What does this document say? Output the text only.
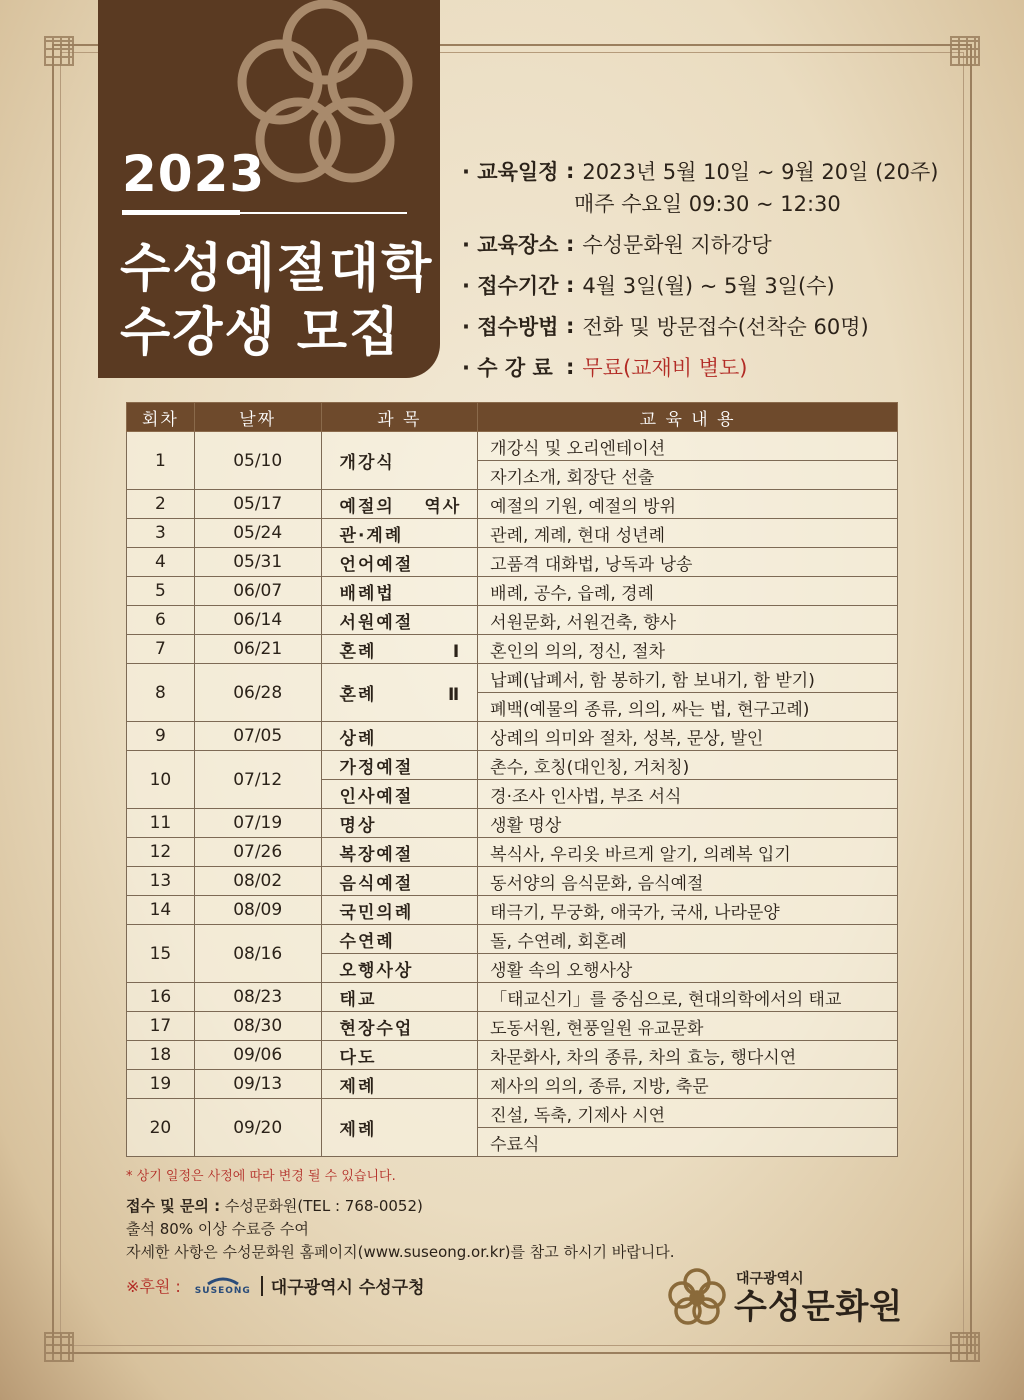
2023
수성예절대학
수강생 모집
· 교육일정 : 2023년 5월 10일 ~ 9월 20일 (20주)
매주 수요일 09:30 ~ 12:30
· 교육장소 : 수성문화원 지하강당
· 접수기간 : 4월 3일(월) ~ 5월 3일(수)
· 접수방법 : 전화 및 방문접수(선착순 60명)
· 수 강 료 : 무료(교재비 별도)
회차	날짜	과 목	교 육 내 용
1	05/10	개강식	개강식 및 오리엔테이션
			자기소개, 회장단 선출
2	05/17	예절의 역사	예절의 기원, 예절의 방위
3	05/24	관·계례	관례, 계례, 현대 성년례
4	05/31	언어예절	고품격 대화법, 낭독과 낭송
5	06/07	배례법	배례, 공수, 읍례, 경례
6	06/14	서원예절	서원문화, 서원건축, 향사
7	06/21	혼례Ⅰ	혼인의 의의, 정신, 절차
8	06/28	혼례Ⅱ	납폐(납폐서, 함 봉하기, 함 보내기, 함 받기)
			폐백(예물의 종류, 의의, 싸는 법, 현구고례)
9	07/05	상례	상례의 의미와 절차, 성복, 문상, 발인
10	07/12	가정예절	촌수, 호칭(대인칭, 거처칭)
		인사예절	경·조사 인사법, 부조 서식
11	07/19	명상	생활 명상
12	07/26	복장예절	복식사, 우리옷 바르게 알기, 의례복 입기
13	08/02	음식예절	동서양의 음식문화, 음식예절
14	08/09	국민의례	태극기, 무궁화, 애국가, 국새, 나라문양
15	08/16	수연례	돌, 수연례, 회혼례
		오행사상	생활 속의 오행사상
16	08/23	태교	「태교신기」를 중심으로, 현대의학에서의 태교
17	08/30	현장수업	도동서원, 현풍일원 유교문화
18	09/06	다도	차문화사, 차의 종류, 차의 효능, 행다시연
19	09/13	제례	제사의 의의, 종류, 지방, 축문
20	09/20	제례	진설, 독축, 기제사 시연
			수료식
* 상기 일정은 사정에 따라 변경 될 수 있습니다.
접수 및 문의 : 수성문화원(TEL : 768-0052)
출석 80% 이상 수료증 수여
자세한 사항은 수성문화원 홈페이지(www.suseong.or.kr)를 참고 하시기 바랍니다.
※후원 : SUSEONG 대구광역시 수성구청	대구광역시
수성문화원
